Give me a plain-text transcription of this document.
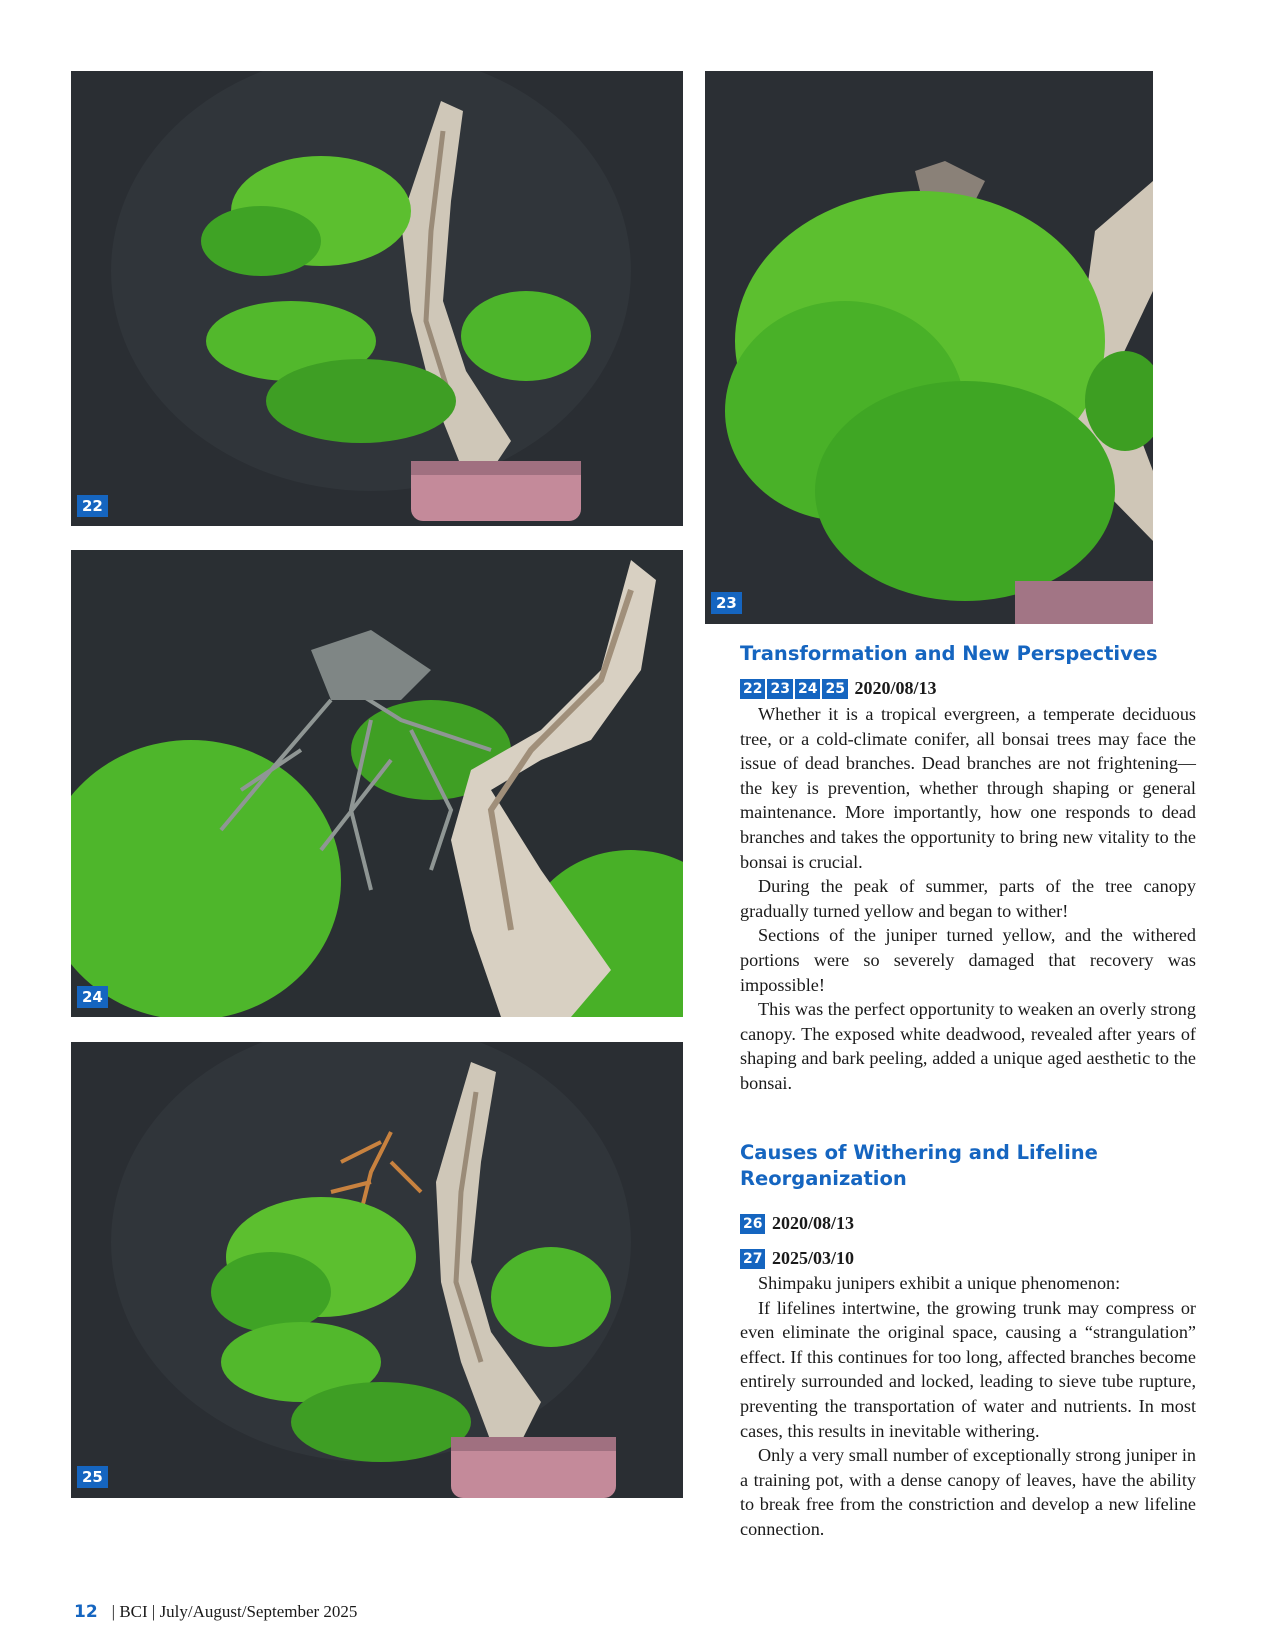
22
23
24
25
Transformation and New Perspectives
22 23 24 25 2020/08/13

Whether it is a tropical evergreen, a temperate deciduous tree, or a cold-climate conifer, all bonsai trees may face the issue of dead branches. Dead branches are not frightening—the key is prevention, whether through shaping or general maintenance. More importantly, how one responds to dead branches and takes the opportunity to bring new vitality to the bonsai is crucial.

During the peak of summer, parts of the tree canopy gradually turned yellow and began to wither!

Sections of the juniper turned yellow, and the withered portions were so severely damaged that recovery was impossible!

This was the perfect opportunity to weaken an overly strong canopy. The exposed white deadwood, revealed after years of shaping and bark peeling, added a unique aged aesthetic to the bonsai.

Causes of Withering and Lifeline
Reorganization
26 2020/08/13
27 2025/03/10

Shimpaku junipers exhibit a unique phenomenon:

If lifelines intertwine, the growing trunk may compress or even eliminate the original space, causing a “strangulation” effect. If this continues for too long, affected branches become entirely surrounded and locked, leading to sieve tube rupture, preventing the transportation of water and nutrients. In most cases, this results in inevitable withering.

Only a very small number of exceptionally strong juniper in a training pot, with a dense canopy of leaves, have the ability to break free from the constriction and develop a new lifeline connection.

12 | BCI | July/August/September 2025
